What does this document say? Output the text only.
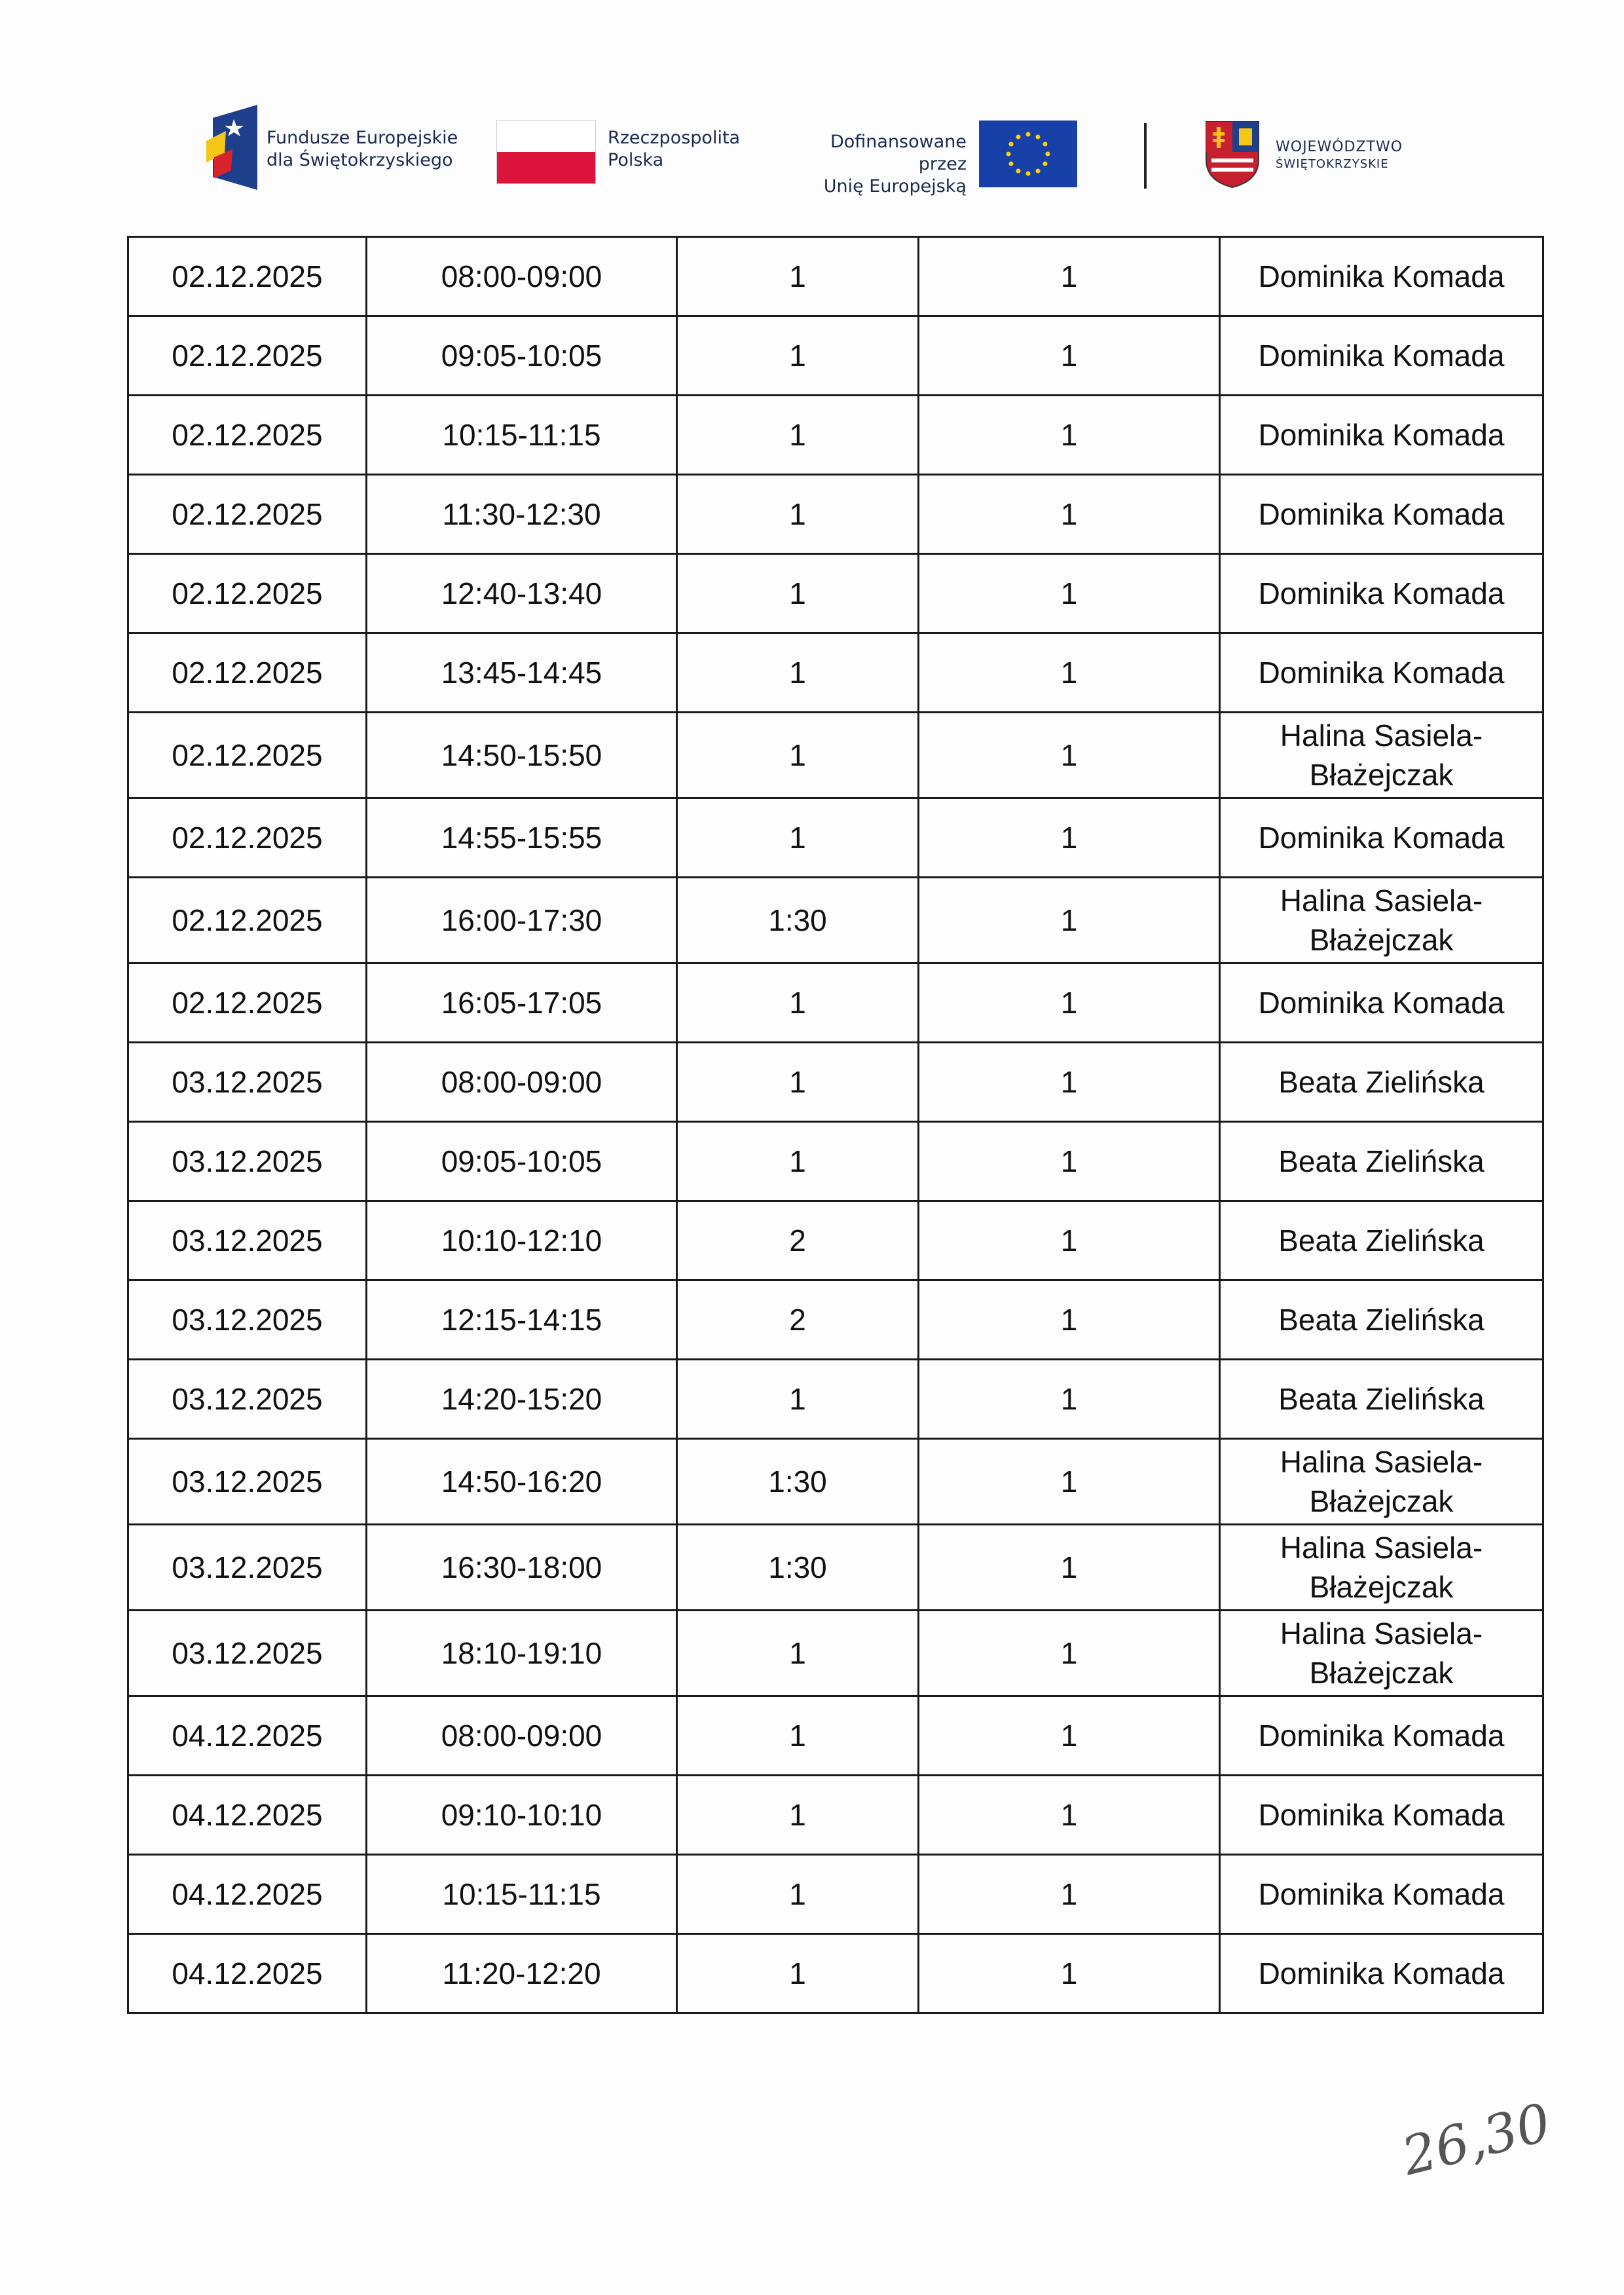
Fundusze Europejskie
dla Świętokrzyskiego
Rzeczpospolita
Polska
Dofinansowane przez
Unię Europejską
WOJEWÓDZTWO
ŚWIĘTOKRZYSKIE
02.12.2025	08:00-09:00	1	1	Dominika Komada
02.12.2025	09:05-10:05	1	1	Dominika Komada
02.12.2025	10:15-11:15	1	1	Dominika Komada
02.12.2025	11:30-12:30	1	1	Dominika Komada
02.12.2025	12:40-13:40	1	1	Dominika Komada
02.12.2025	13:45-14:45	1	1	Dominika Komada
02.12.2025	14:50-15:50	1	1	Halina Sasiela-Błażejczak
02.12.2025	14:55-15:55	1	1	Dominika Komada
02.12.2025	16:00-17:30	1:30	1	Halina Sasiela-Błażejczak
02.12.2025	16:05-17:05	1	1	Dominika Komada
03.12.2025	08:00-09:00	1	1	Beata Zielińska
03.12.2025	09:05-10:05	1	1	Beata Zielińska
03.12.2025	10:10-12:10	2	1	Beata Zielińska
03.12.2025	12:15-14:15	2	1	Beata Zielińska
03.12.2025	14:20-15:20	1	1	Beata Zielińska
03.12.2025	14:50-16:20	1:30	1	Halina Sasiela-Błażejczak
03.12.2025	16:30-18:00	1:30	1	Halina Sasiela-Błażejczak
03.12.2025	18:10-19:10	1	1	Halina Sasiela-Błażejczak
04.12.2025	08:00-09:00	1	1	Dominika Komada
04.12.2025	09:10-10:10	1	1	Dominika Komada
04.12.2025	10:15-11:15	1	1	Dominika Komada
04.12.2025	11:20-12:20	1	1	Dominika Komada
26,30
